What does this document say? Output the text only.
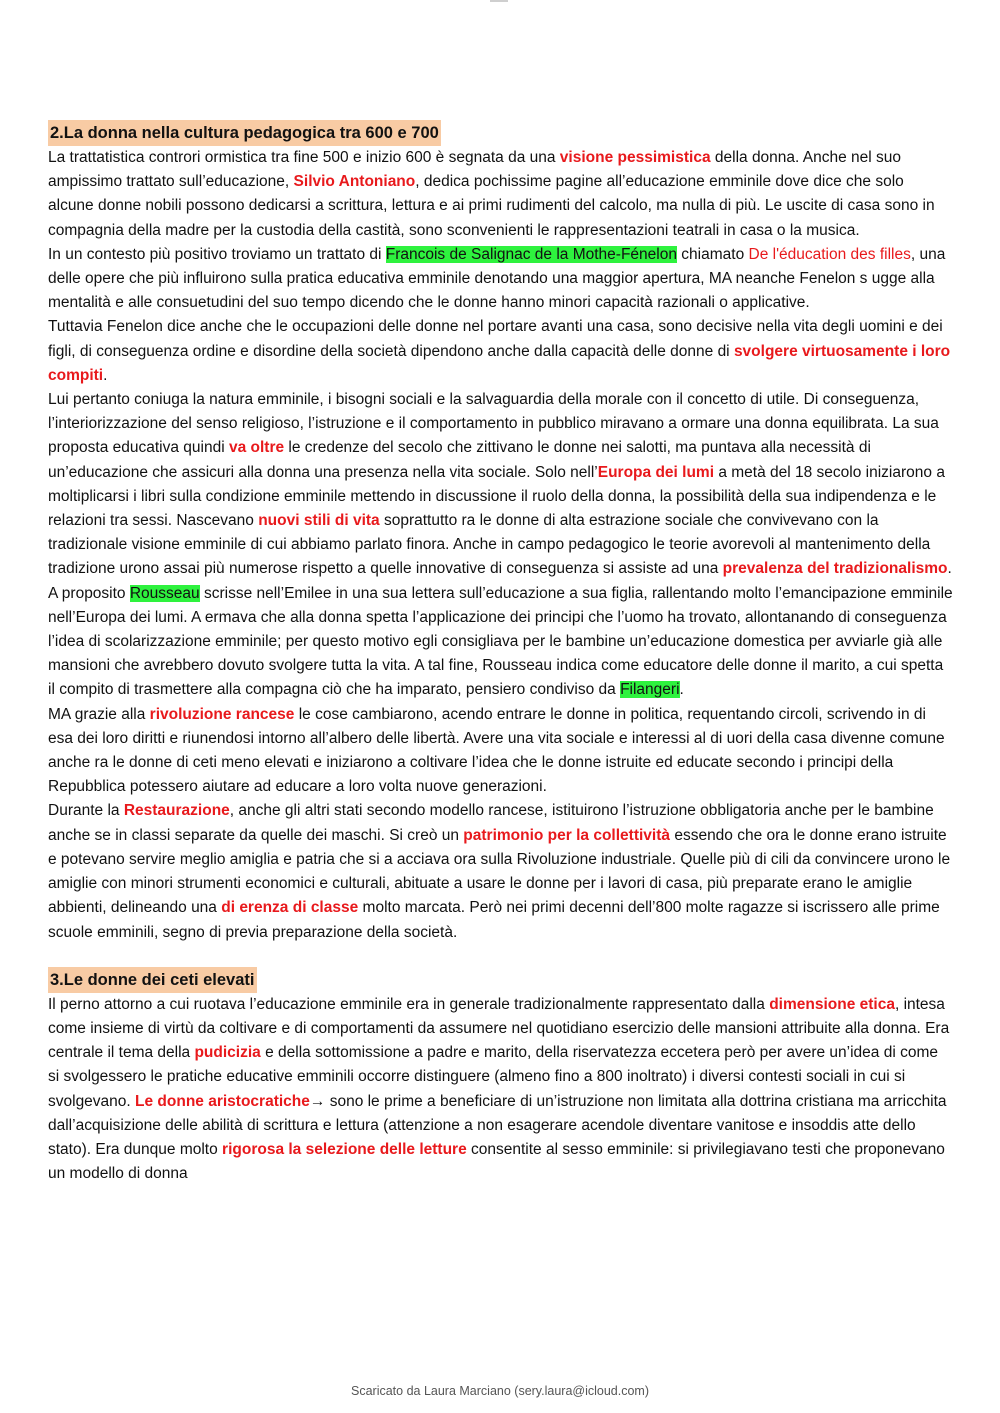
2.La donna nella cultura pedagogica tra 600 e 700

La trattatistica controri ormistica tra fine 500 e inizio 600 è segnata da una visione pessimistica della donna. Anche nel suo ampissimo trattato sull’educazione, Silvio Antoniano, dedica pochissime pagine all’educazione emminile dove dice che solo alcune donne nobili possono dedicarsi a scrittura, lettura e ai primi rudimenti del calcolo, ma nulla di più. Le uscite di casa sono in compagnia della madre per la custodia della castità, sono sconvenienti le rappresentazioni teatrali in casa o la musica.

In un contesto più positivo troviamo un trattato di Francois de Salignac de la Mothe-Fénelon chiamato De l'éducation des filles, una delle opere che più influirono sulla pratica educativa emminile denotando una maggior apertura, MA neanche Fenelon s ugge alla mentalità e alle consuetudini del suo tempo dicendo che le donne hanno minori capacità razionali o applicative.

Tuttavia Fenelon dice anche che le occupazioni delle donne nel portare avanti una casa, sono decisive nella vita degli uomini e dei figli, di conseguenza ordine e disordine della società dipendono anche dalla capacità delle donne di svolgere virtuosamente i loro compiti.

Lui pertanto coniuga la natura emminile, i bisogni sociali e la salvaguardia della morale con il concetto di utile. Di conseguenza, l’interiorizzazione del senso religioso, l’istruzione e il comportamento in pubblico miravano a ormare una donna equilibrata. La sua proposta educativa quindi va oltre le credenze del secolo che zittivano le donne nei salotti, ma puntava alla necessità di un’educazione che assicuri alla donna una presenza nella vita sociale. Solo nell’Europa dei lumi a metà del 18 secolo iniziarono a moltiplicarsi i libri sulla condizione emminile mettendo in discussione il ruolo della donna, la possibilità della sua indipendenza e le relazioni tra sessi. Nascevano nuovi stili di vita soprattutto ra le donne di alta estrazione sociale che convivevano con la tradizionale visione emminile di cui abbiamo parlato finora. Anche in campo pedagogico le teorie avorevoli al mantenimento della tradizione urono assai più numerose rispetto a quelle innovative di conseguenza si assiste ad una prevalenza del tradizionalismo.

A proposito Rousseau scrisse nell’Emilee in una sua lettera sull’educazione a sua figlia, rallentando molto l’emancipazione emminile nell’Europa dei lumi. A ermava che alla donna spetta l’applicazione dei principi che l’uomo ha trovato, allontanando di conseguenza l’idea di scolarizzazione emminile; per questo motivo egli consigliava per le bambine un’educazione domestica per avviarle già alle mansioni che avrebbero dovuto svolgere tutta la vita. A tal fine, Rousseau indica come educatore delle donne il marito, a cui spetta il compito di trasmettere alla compagna ciò che ha imparato, pensiero condiviso da Filangeri.

MA grazie alla rivoluzione rancese le cose cambiarono, acendo entrare le donne in politica, requentando circoli, scrivendo in di esa dei loro diritti e riunendosi intorno all’albero delle libertà. Avere una vita sociale e interessi al di uori della casa divenne comune anche ra le donne di ceti meno elevati e iniziarono a coltivare l’idea che le donne istruite ed educate secondo i principi della Repubblica potessero aiutare ad educare a loro volta nuove generazioni.

Durante la Restaurazione, anche gli altri stati secondo modello rancese, istituirono l’istruzione obbligatoria anche per le bambine anche se in classi separate da quelle dei maschi. Si creò un patrimonio per la collettività essendo che ora le donne erano istruite e potevano servire meglio amiglia e patria che si a acciava ora sulla Rivoluzione industriale. Quelle più di cili da convincere urono le amiglie con minori strumenti economici e culturali, abituate a usare le donne per i lavori di casa, più preparate erano le amiglie abbienti, delineando una di erenza di classe molto marcata. Però nei primi decenni dell’800 molte ragazze si iscrissero alle prime scuole emminili, segno di previa preparazione della società.

3.Le donne dei ceti elevati

Il perno attorno a cui ruotava l’educazione emminile era in generale tradizionalmente rappresentato dalla dimensione etica, intesa come insieme di virtù da coltivare e di comportamenti da assumere nel quotidiano esercizio delle mansioni attribuite alla donna. Era centrale il tema della pudicizia e della sottomissione a padre e marito, della riservatezza eccetera però per avere un’idea di come si svolgessero le pratiche educative emminili occorre distinguere (almeno fino a 800 inoltrato) i diversi contesti sociali in cui si svolgevano. Le donne aristocratiche→ sono le prime a beneficiare di un’istruzione non limitata alla dottrina cristiana ma arricchita dall’acquisizione delle abilità di scrittura e lettura (attenzione a non esagerare acendole diventare vanitose e insoddis atte dello stato). Era dunque molto rigorosa la selezione delle letture consentite al sesso emminile: si privilegiavano testi che proponevano un modello di donna

Scaricato da Laura Marciano (sery.laura@icloud.com)
